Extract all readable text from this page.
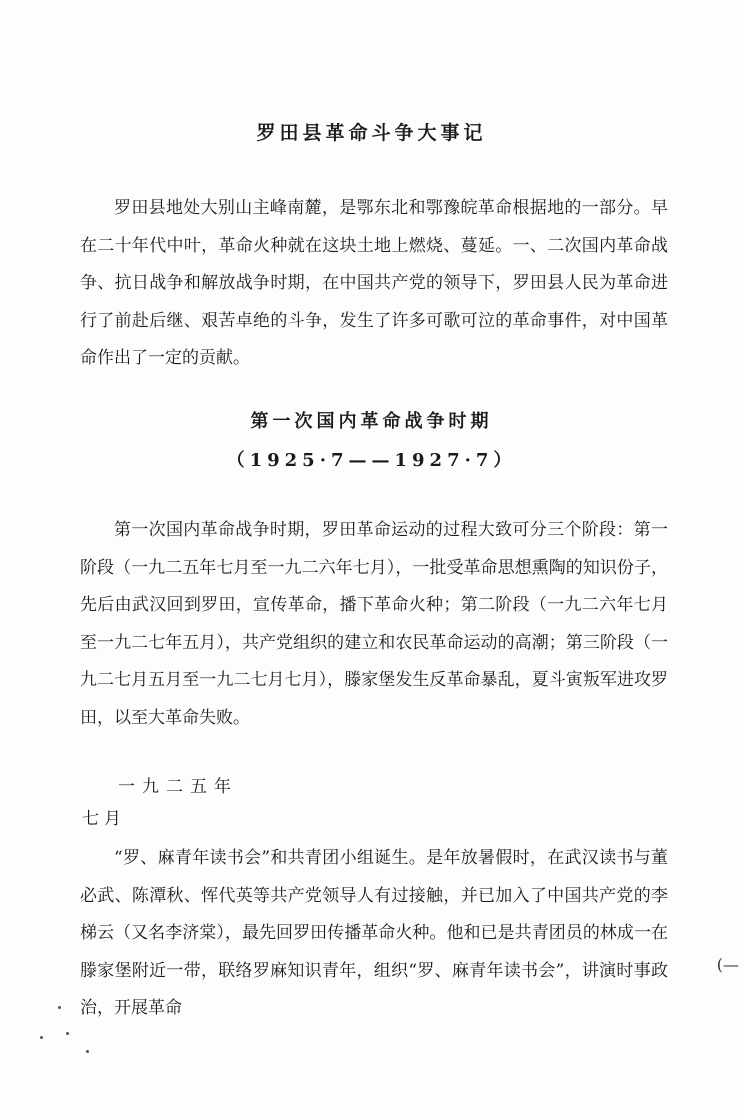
罗田县革命斗争大事记

罗田县地处大别山主峰南麓，是鄂东北和鄂豫皖革命根据地的一部分。早在二十年代中叶，革命火种就在这块土地上燃烧、蔓延。一、二次国内革命战争、抗日战争和解放战争时期，在中国共产党的领导下，罗田县人民为革命进行了前赴后继、艰苦卓绝的斗争，发生了许多可歌可泣的革命事件，对中国革命作出了一定的贡献。

第一次国内革命战争时期
（1925·7——1927·7）

第一次国内革命战争时期，罗田革命运动的过程大致可分三个阶段：第一阶段（一九二五年七月至一九二六年七月），一批受革命思想熏陶的知识份子，先后由武汉回到罗田，宣传革命，播下革命火种；第二阶段（一九二六年七月至一九二七年五月），共产党组织的建立和农民革命运动的高潮；第三阶段（一九二七月五月至一九二七月七月），滕家堡发生反革命暴乱，夏斗寅叛军进攻罗田，以至大革命失败。

一九二五年
七月

“罗、麻青年读书会”和共青团小组诞生。是年放暑假时，在武汉读书与董必武、陈潭秋、恽代英等共产党领导人有过接触，并已加入了中国共产党的李梯云（又名李济棠），最先回罗田传播革命火种。他和已是共青团员的林成一在滕家堡附近一带，联络罗麻知识青年，组织“罗、麻青年读书会”，讲演时事政治，开展革命

(—
